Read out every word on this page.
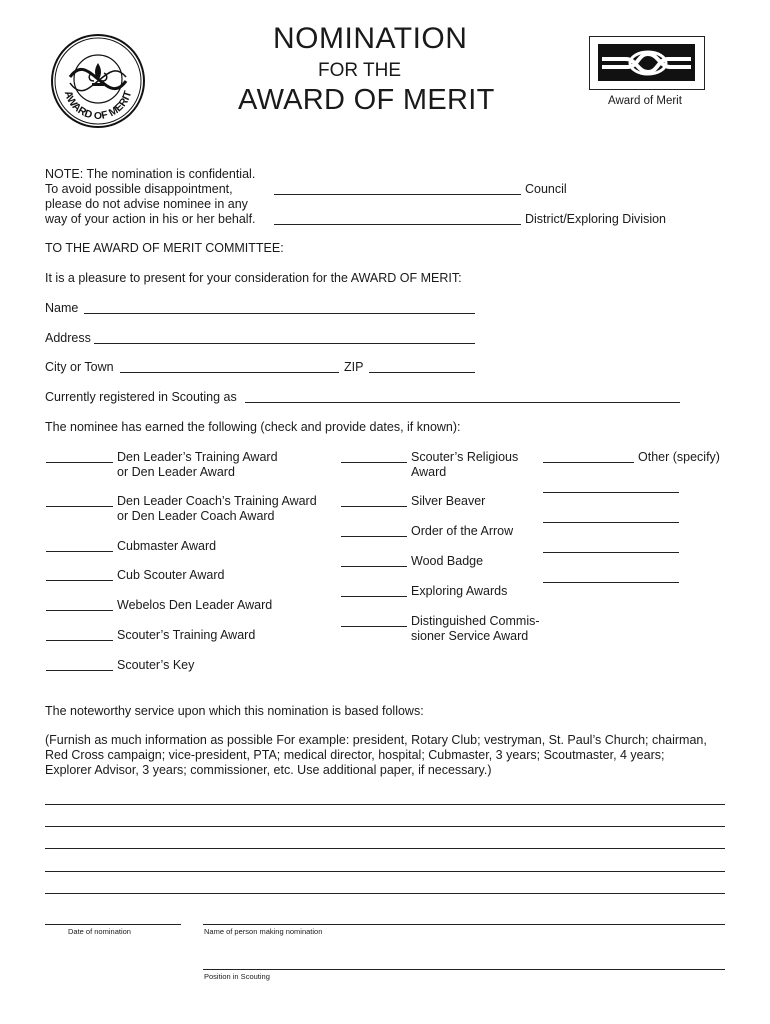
AWARD OF MERIT
NOMINATION
FOR THE
AWARD OF MERIT	Award of Merit
NOTE: The nomination is confidential.
To avoid possible disappointment,
please do not advise nominee in any
way of your action in his or her behalf.
Council
District/Exploring Division
TO THE AWARD OF MERIT COMMITTEE:
It is a pleasure to present for your consideration for the AWARD OF MERIT:
Name
Address
City or Town	ZIP
Currently registered in Scouting as
The nominee has earned the following (check and provide dates, if known):
Den Leader’s Training Award
or Den Leader Award
Den Leader Coach’s Training Award
or Den Leader Coach Award
Cubmaster Award
Cub Scouter Award
Webelos Den Leader Award
Scouter’s Training Award
Scouter’s Key
Scouter’s Religious
Award
Silver Beaver
Order of the Arrow
Wood Badge
Exploring Awards
Distinguished Commis-
sioner Service Award
Other (specify)
The noteworthy service upon which this nomination is based follows:
(Furnish as much information as possible For example: president, Rotary Club; vestryman, St. Paul’s Church; chairman,
Red Cross campaign; vice-president, PTA; medical director, hospital; Cubmaster, 3 years; Scoutmaster, 4 years;
Explorer Advisor, 3 years; commissioner, etc. Use additional paper, if necessary.)
Date of nomination	Name of person making nomination
Position in Scouting
